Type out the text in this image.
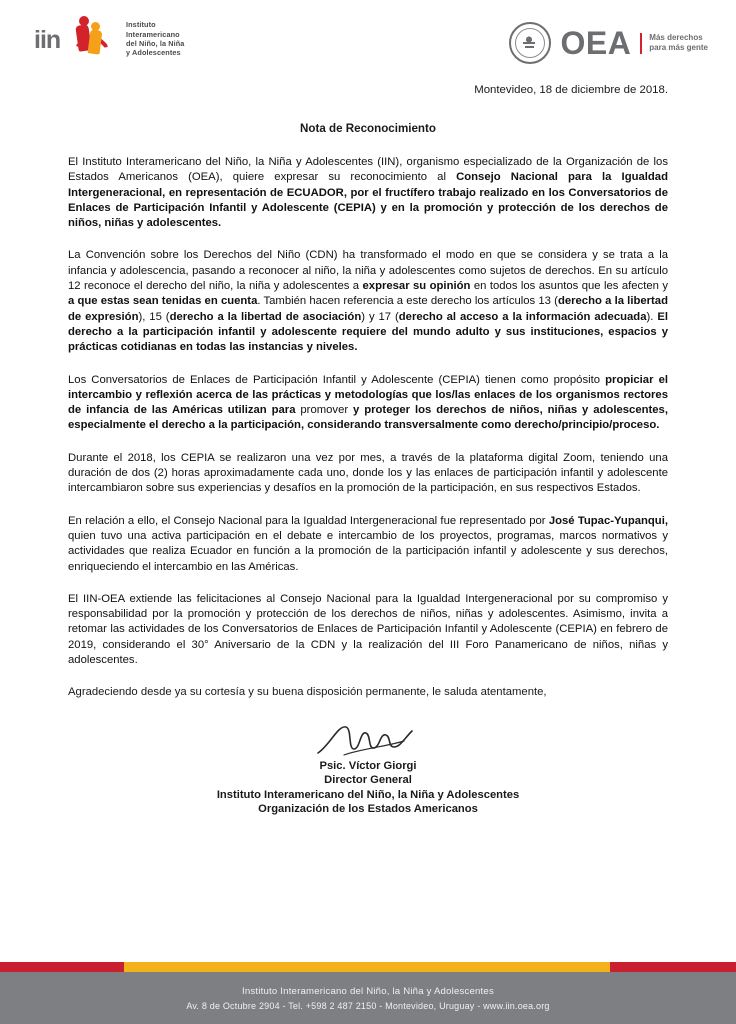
iin
Instituto
Interamericano
del Niño, la Niña
y Adolescentes	OEA Más derechos
para más gente

Montevideo, 18 de diciembre de 2018.

Nota de Reconocimiento

El Instituto Interamericano del Niño, la Niña y Adolescentes (IIN), organismo especializado de la Organización de los Estados Americanos (OEA), quiere expresar su reconocimiento al Consejo Nacional para la Igualdad Intergeneracional, en representación de ECUADOR, por el fructífero trabajo realizado en los Conversatorios de Enlaces de Participación Infantil y Adolescente (CEPIA) y en la promoción y protección de los derechos de niños, niñas y adolescentes.

La Convención sobre los Derechos del Niño (CDN) ha transformado el modo en que se considera y se trata a la infancia y adolescencia, pasando a reconocer al niño, la niña y adolescentes como sujetos de derechos. En su artículo 12 reconoce el derecho del niño, la niña y adolescentes a expresar su opinión en todos los asuntos que les afecten y a que estas sean tenidas en cuenta. También hacen referencia a este derecho los artículos 13 (derecho a la libertad de expresión), 15 (derecho a la libertad de asociación) y 17 (derecho al acceso a la información adecuada). El derecho a la participación infantil y adolescente requiere del mundo adulto y sus instituciones, espacios y prácticas cotidianas en todas las instancias y niveles.

Los Conversatorios de Enlaces de Participación Infantil y Adolescente (CEPIA) tienen como propósito propiciar el intercambio y reflexión acerca de las prácticas y metodologías que los/las enlaces de los organismos rectores de infancia de las Américas utilizan para promover y proteger los derechos de niños, niñas y adolescentes, especialmente el derecho a la participación, considerando transversalmente como derecho/principio/proceso.

Durante el 2018, los CEPIA se realizaron una vez por mes, a través de la plataforma digital Zoom, teniendo una duración de dos (2) horas aproximadamente cada uno, donde los y las enlaces de participación infantil y adolescente intercambiaron sobre sus experiencias y desafíos en la promoción de la participación, en sus respectivos Estados.

En relación a ello, el Consejo Nacional para la Igualdad Intergeneracional fue representado por José Tupac-Yupanqui, quien tuvo una activa participación en el debate e intercambio de los proyectos, programas, marcos normativos y actividades que realiza Ecuador en función a la promoción de la participación infantil y adolescente y sus derechos, enriqueciendo el intercambio en las Américas.

El IIN-OEA extiende las felicitaciones al Consejo Nacional para la Igualdad Intergeneracional por su compromiso y responsabilidad por la promoción y protección de los derechos de niños, niñas y adolescentes. Asimismo, invita a retomar las actividades de los Conversatorios de Enlaces de Participación Infantil y Adolescente (CEPIA) en febrero de 2019, considerando el 30° Aniversario de la CDN y la realización del III Foro Panamericano de niños, niñas y adolescentes.

Agradeciendo desde ya su cortesía y su buena disposición permanente, le saluda atentamente,

Psic. Víctor Giorgi

Director General

Instituto Interamericano del Niño, la Niña y Adolescentes

Organización de los Estados Americanos

Instituto Interamericano del Niño, la Niña y Adolescentes
Av. 8 de Octubre 2904 - Tel. +598 2 487 2150 - Montevideo, Uruguay - www.iin.oea.org
